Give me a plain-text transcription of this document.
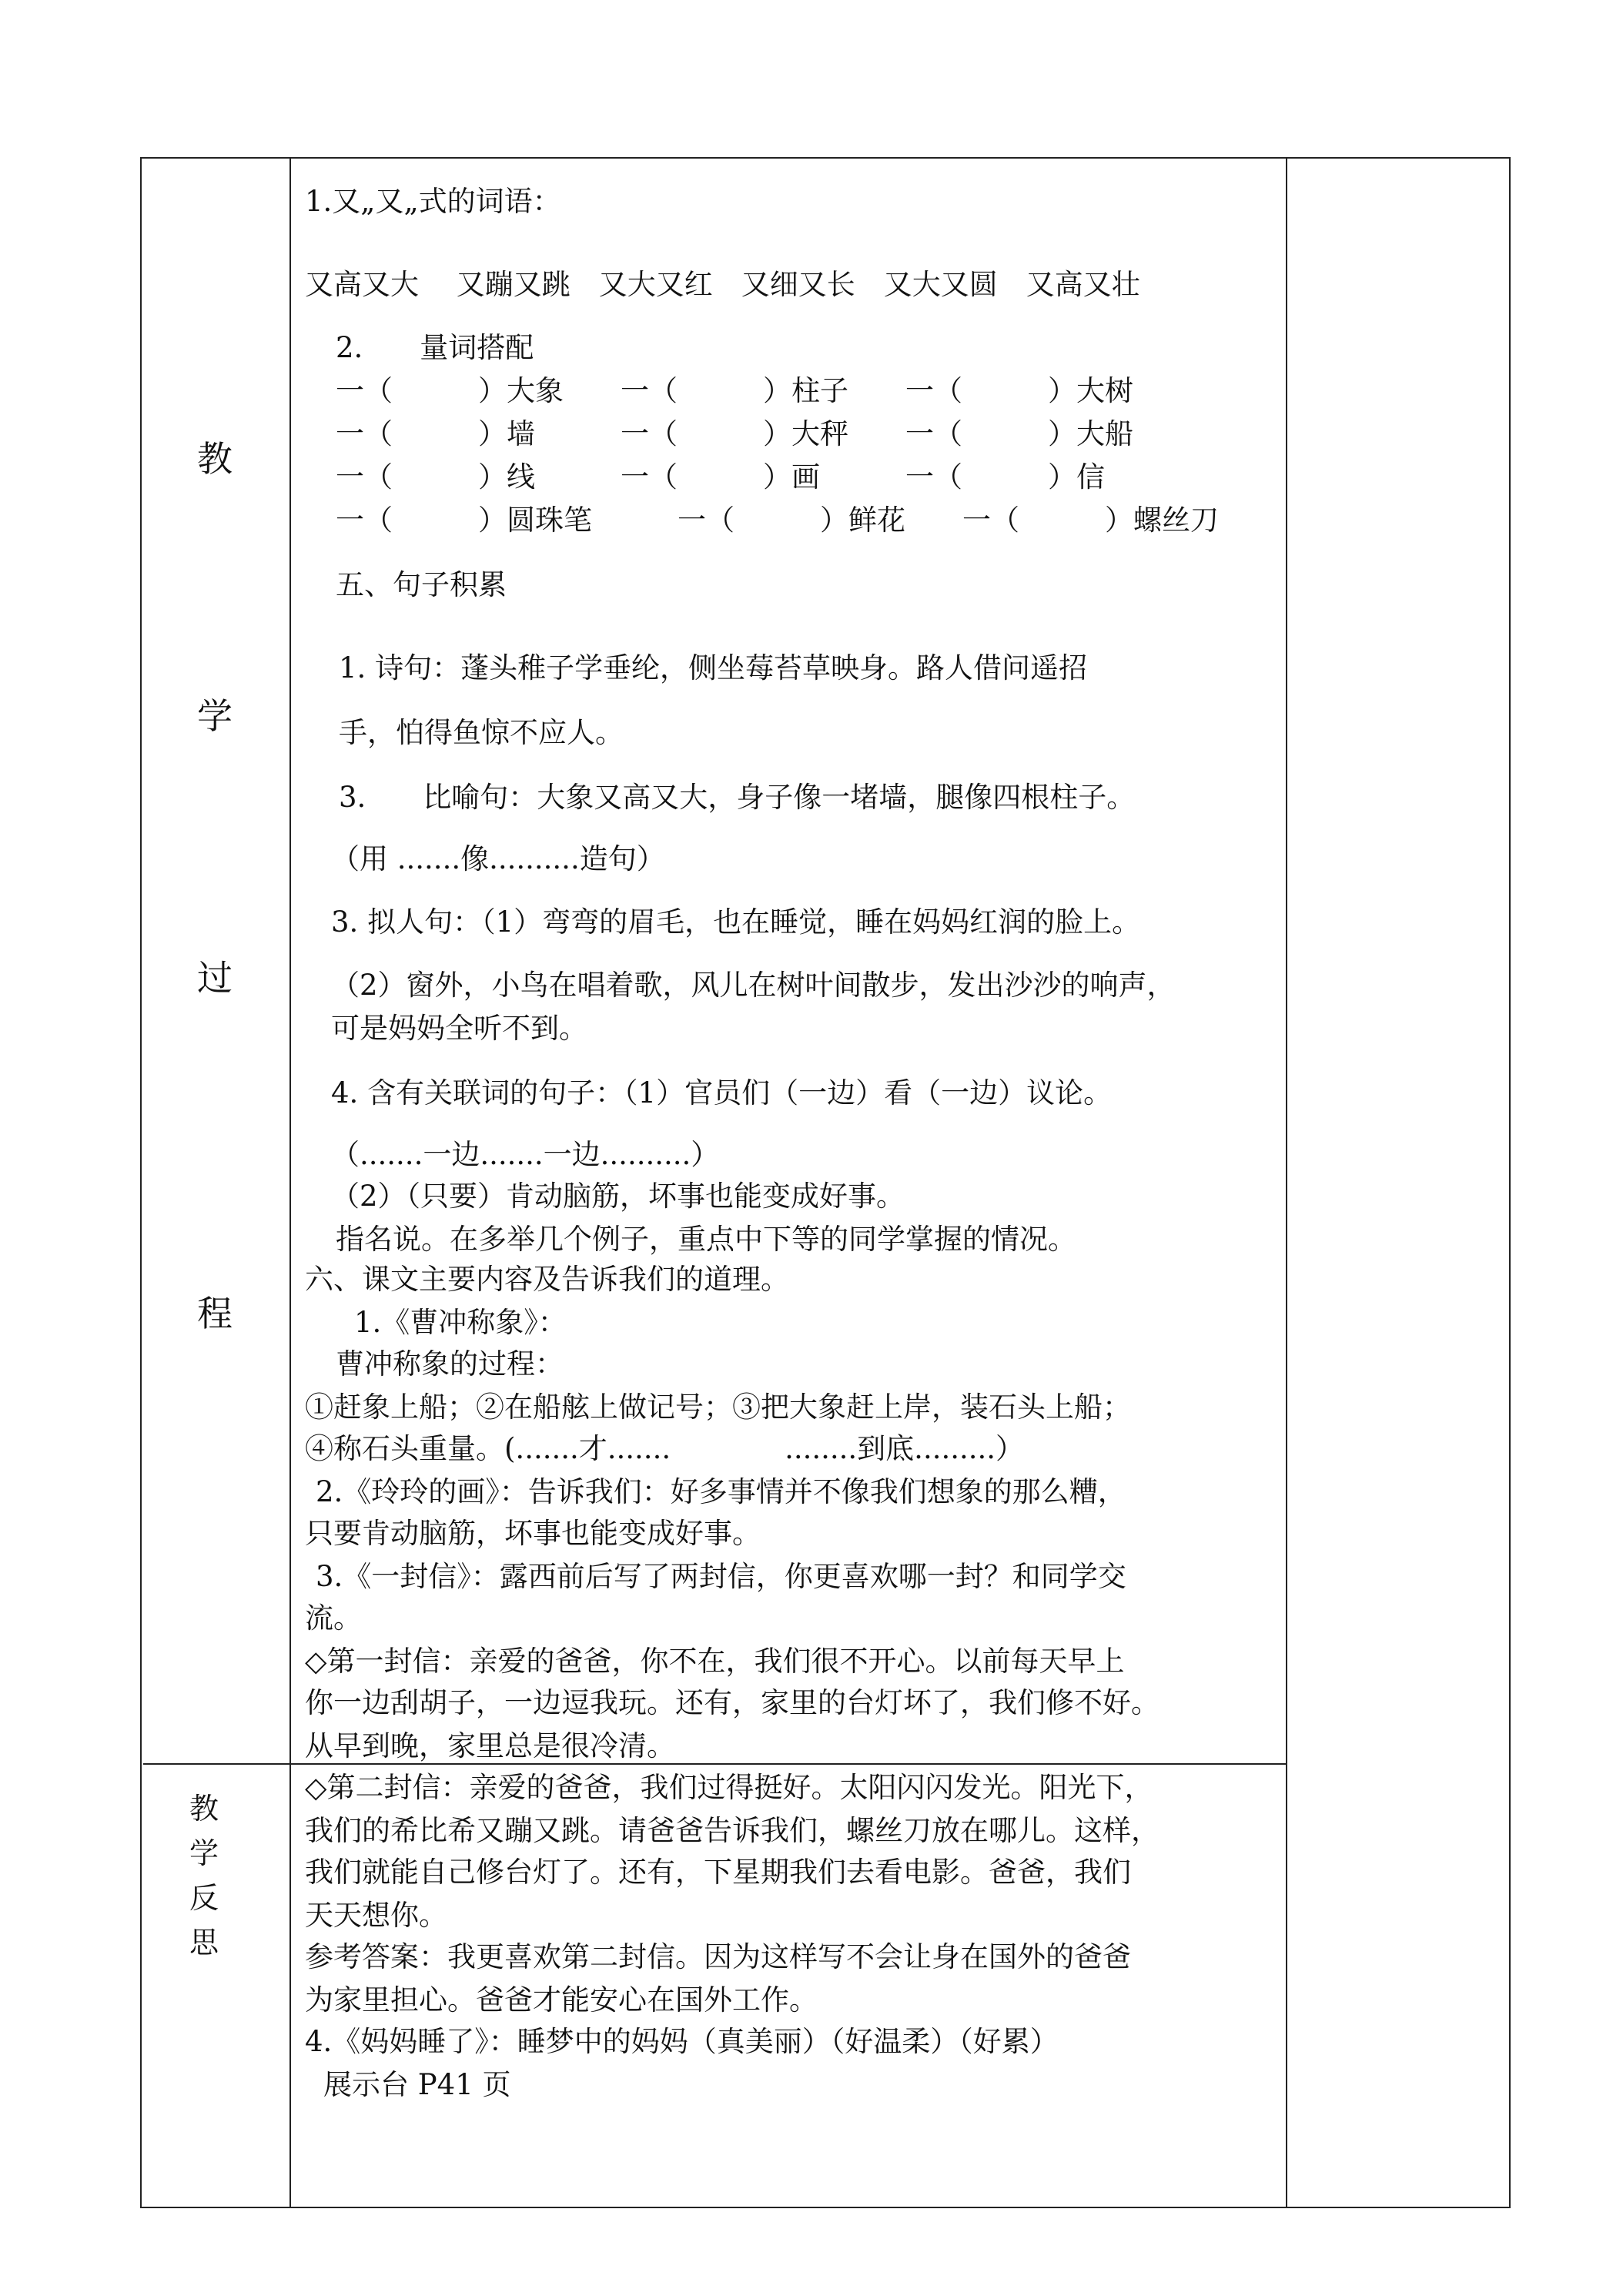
教
学
过
程
教
学
反
思
1.又„又„式的词语：
又高又大　 又蹦又跳　又大又红　又细又长　又大又圆　又高又壮
2.　　量词搭配
一（　　　）大象　　一（　　　）柱子　　一（　　　）大树
一（　　　）墙　　　一（　　　）大秤　　一（　　　）大船
一（　　　）线　　　一（　　　）画　　　一（　　　）信
一（　　　）圆珠笔　　　一（　　　）鲜花　　一（　　　）螺丝刀
五、句子积累
1. 诗句：蓬头稚子学垂纶，侧坐莓苔草映身。路人借问遥招
手，怕得鱼惊不应人。
3.　　比喻句：大象又高又大，身子像一堵墙，腿像四根柱子。
（用 .......像..........造句）
3. 拟人句：（1）弯弯的眉毛，也在睡觉，睡在妈妈红润的脸上。
（2）窗外，小鸟在唱着歌，风儿在树叶间散步，发出沙沙的响声，
可是妈妈全听不到。
4. 含有关联词的句子：（1）官员们（一边）看（一边）议论。
（.......一边.......一边..........）
（2）（只要）肯动脑筋，坏事也能变成好事。
指名说。在多举几个例子，重点中下等的同学掌握的情况。
六、课文主要内容及告诉我们的道理。
1.《曹冲称象》：
曹冲称象的过程：
①赶象上船；②在船舷上做记号；③把大象赶上岸，装石头上船；
④称石头重量。(.......才.......　　　　........到底.........）
2.《玲玲的画》：告诉我们：好多事情并不像我们想象的那么糟，
只要肯动脑筋，坏事也能变成好事。
3.《一封信》：露西前后写了两封信，你更喜欢哪一封？和同学交
流。
◇第一封信：亲爱的爸爸，你不在，我们很不开心。以前每天早上
你一边刮胡子，一边逗我玩。还有，家里的台灯坏了，我们修不好。
从早到晚，家里总是很冷清。
◇第二封信：亲爱的爸爸，我们过得挺好。太阳闪闪发光。阳光下，
我们的希比希又蹦又跳。请爸爸告诉我们，螺丝刀放在哪儿。这样，
我们就能自己修台灯了。还有，下星期我们去看电影。爸爸，我们
天天想你。
参考答案：我更喜欢第二封信。因为这样写不会让身在国外的爸爸
为家里担心。爸爸才能安心在国外工作。
4.《妈妈睡了》：睡梦中的妈妈（真美丽）（好温柔）（好累）
展示台 P41 页
